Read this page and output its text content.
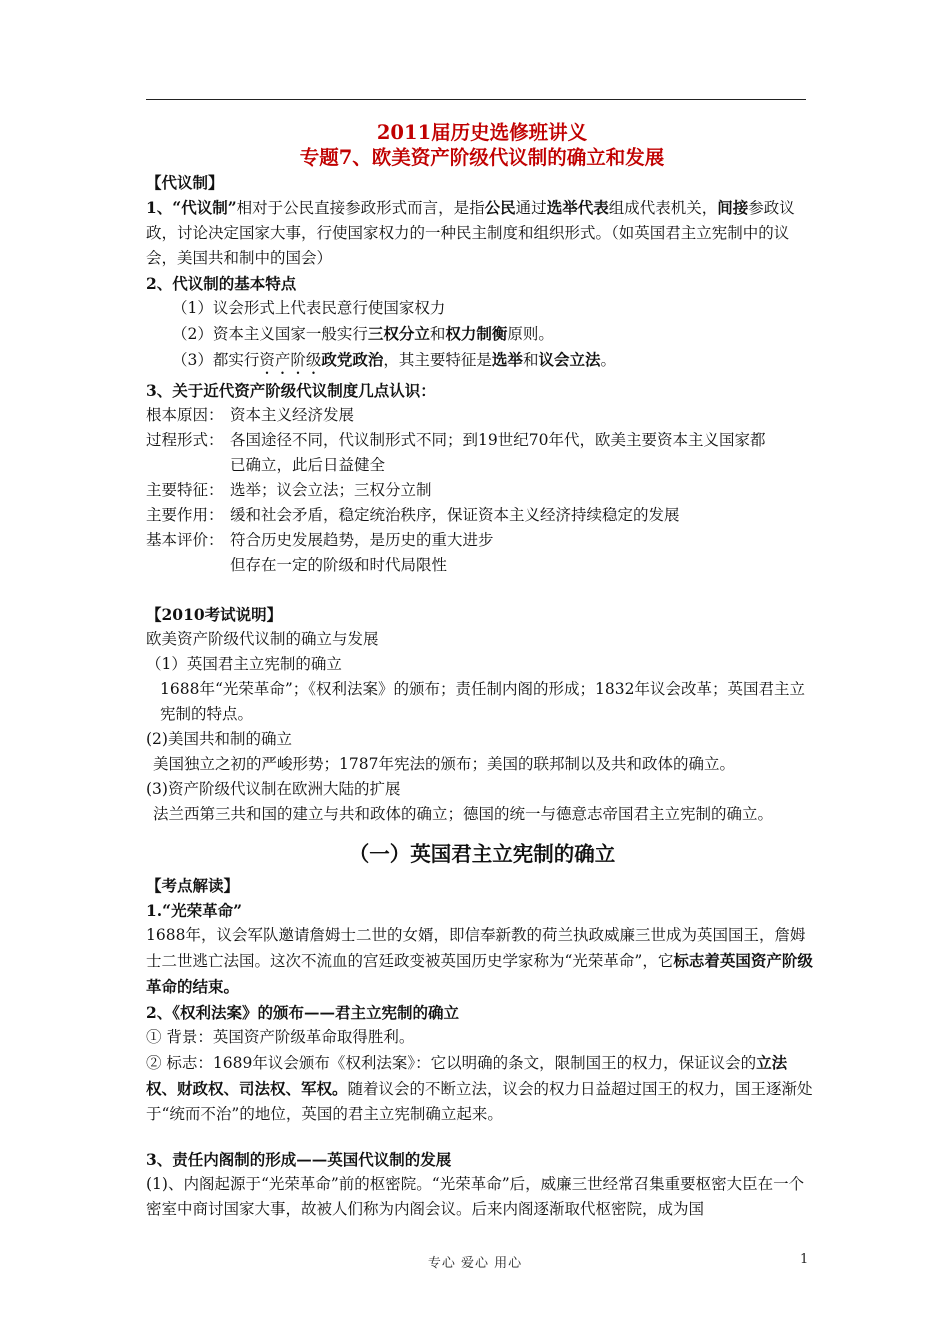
2011届历史选修班讲义
专题7、欧美资产阶级代议制的确立和发展
【代议制】

1、“代议制”相对于公民直接参政形式而言，是指公民通过选举代表组成代表机关，间接参政议政，讨论决定国家大事，行使国家权力的一种民主制度和组织形式。（如英国君主立宪制中的议会，美国共和制中的国会）

2、代议制的基本特点
（1）议会形式上代表民意行使国家权力
（2）资本主义国家一般实行三权分立和权力制衡原则。
（3）都实行资产阶级政党政治，其主要特征是选举和议会立法。
3、关于近代资产阶级代议制度几点认识：
根本原因： 资本主义经济发展
过程形式： 各国途径不同，代议制形式不同；到19世纪70年代，欧美主要资本主义国家都
已确立，此后日益健全
主要特征： 选举；议会立法；三权分立制
主要作用： 缓和社会矛盾，稳定统治秩序，保证资本主义经济持续稳定的发展
基本评价： 符合历史发展趋势，是历史的重大进步
但存在一定的阶级和时代局限性
【2010考试说明】
欧美资产阶级代议制的确立与发展
（1）英国君主立宪制的确立
1688年“光荣革命”；《权利法案》的颁布；责任制内阁的形成；1832年议会改革；英国君主立宪制的特点。
(2)美国共和制的确立
美国独立之初的严峻形势；1787年宪法的颁布；美国的联邦制以及共和政体的确立。
(3)资产阶级代议制在欧洲大陆的扩展
法兰西第三共和国的建立与共和政体的确立；德国的统一与德意志帝国君主立宪制的确立。
（一）英国君主立宪制的确立
【考点解读】
1.“光荣革命”

1688年，议会军队邀请詹姆士二世的女婿，即信奉新教的荷兰执政威廉三世成为英国国王，詹姆士二世逃亡法国。这次不流血的宫廷政变被英国历史学家称为“光荣革命”，它标志着英国资产阶级革命的结束。

2、《权利法案》的颁布——君主立宪制的确立
① 背景：英国资产阶级革命取得胜利。

② 标志：1689年议会颁布《权利法案》：它以明确的条文，限制国王的权力，保证议会的立法权、财政权、司法权、军权。随着议会的不断立法，议会的权力日益超过国王的权力，国王逐渐处于“统而不治”的地位，英国的君主立宪制确立起来。

3、责任内阁制的形成——英国代议制的发展

(1)、内阁起源于“光荣革命”前的枢密院。“光荣革命”后，威廉三世经常召集重要枢密大臣在一个密室中商讨国家大事，故被人们称为内阁会议。后来内阁逐渐取代枢密院，成为国

专心 爱心 用心	1
